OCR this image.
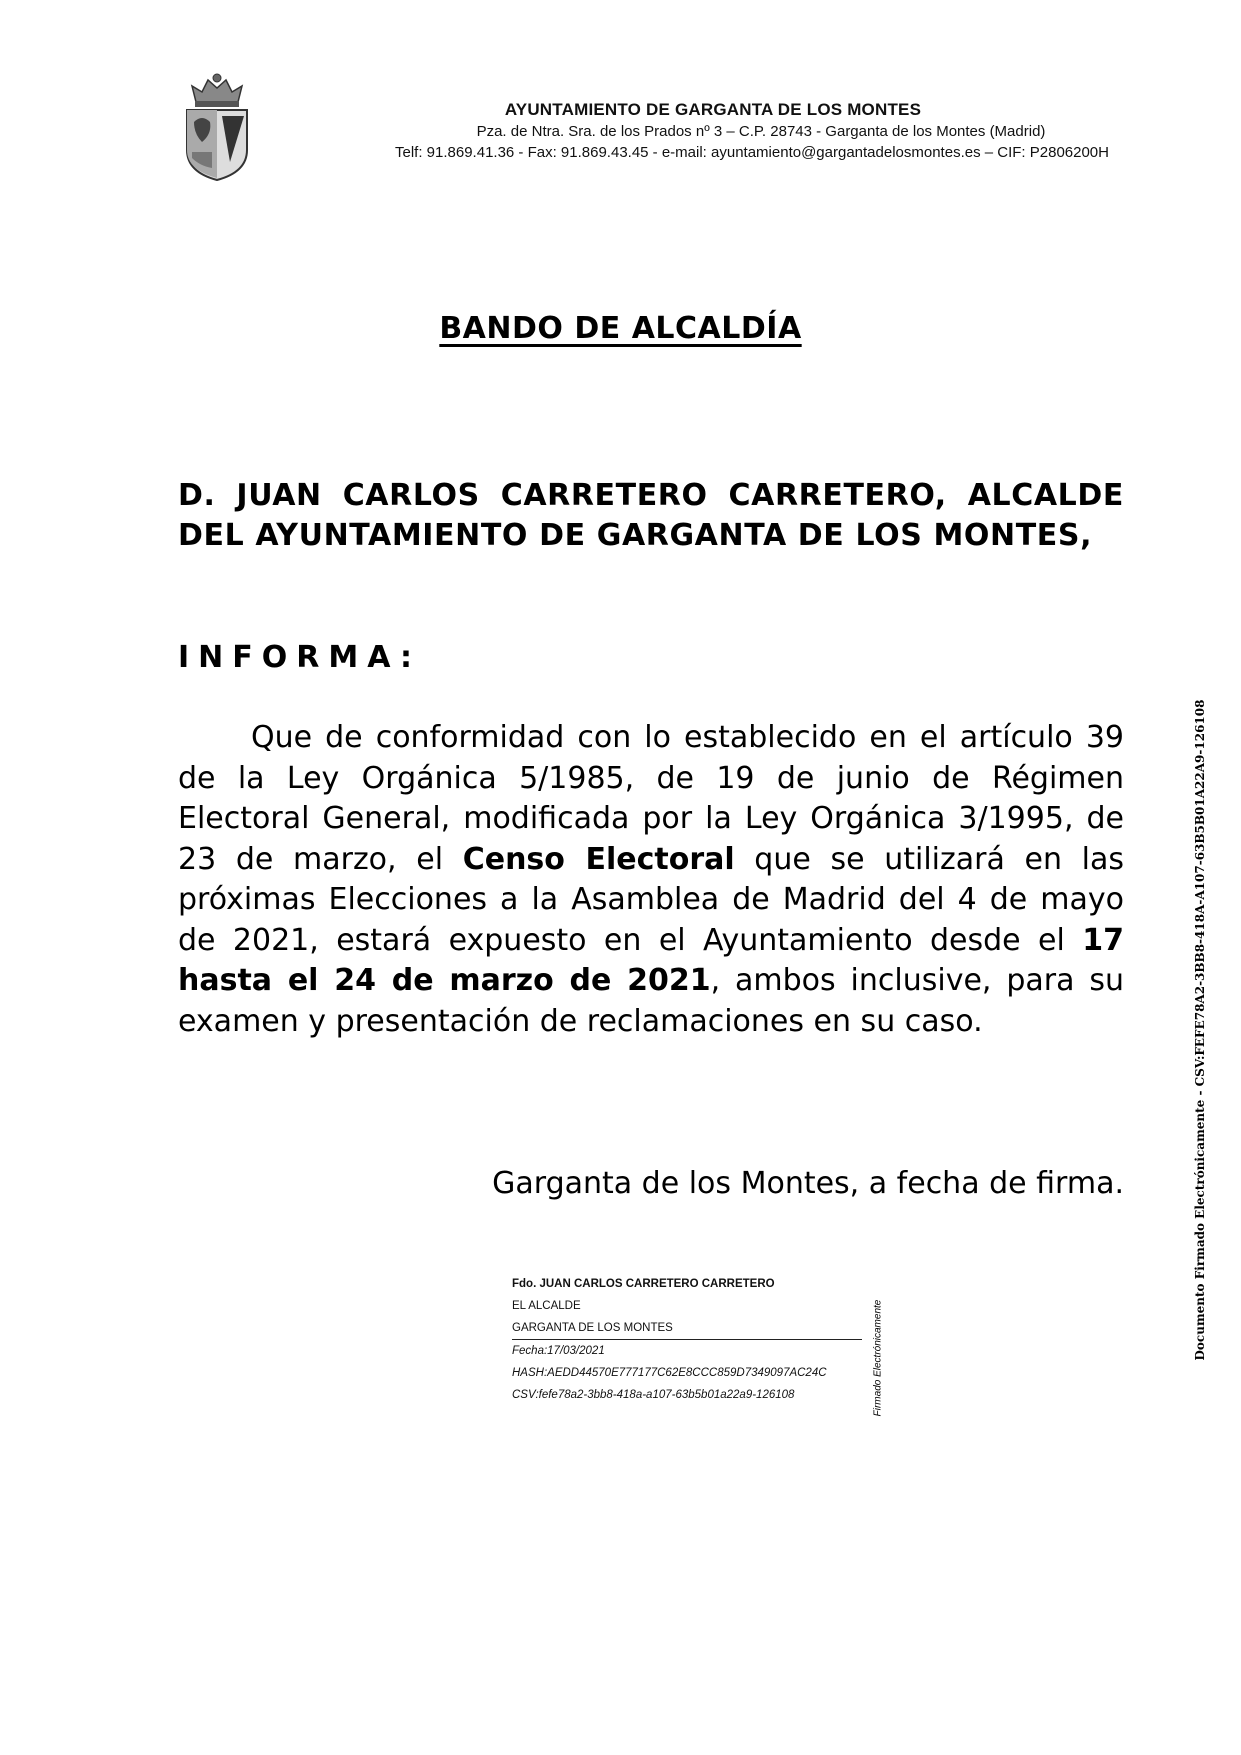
AYUNTAMIENTO DE GARGANTA DE LOS MONTES
Pza. de Ntra. Sra. de los Prados nº 3 – C.P. 28743 - Garganta de los Montes (Madrid)
Telf: 91.869.41.36 - Fax: 91.869.43.45 - e-mail: ayuntamiento@gargantadelosmontes.es – CIF: P2806200H
BANDO DE ALCALDÍA
D. JUAN CARLOS CARRETERO CARRETERO, ALCALDE DEL AYUNTAMIENTO DE GARGANTA DE LOS MONTES,
INFORMA:
Que de conformidad con lo establecido en el artículo 39 de la Ley Orgánica 5/1985, de 19 de junio de Régimen Electoral General, modificada por la Ley Orgánica 3/1995, de 23 de marzo, el Censo Electoral que se utilizará en las próximas Elecciones a la Asamblea de Madrid del 4 de mayo de 2021, estará expuesto en el Ayuntamiento desde el 17 hasta el 24 de marzo de 2021, ambos inclusive, para su examen y presentación de reclamaciones en su caso.
Garganta de los Montes, a fecha de firma.
Fdo. JUAN CARLOS CARRETERO CARRETERO
EL ALCALDE
GARGANTA DE LOS MONTES
Fecha:17/03/2021
HASH:AEDD44570E777177C62E8CCC859D7349097AC24C
CSV:fefe78a2-3bb8-418a-a107-63b5b01a22a9-126108	Firmado Electrónicamente	Documento Firmado Electrónicamente - CSV:FEFE78A2-3BB8-418A-A107-63B5B01A22A9-126108
